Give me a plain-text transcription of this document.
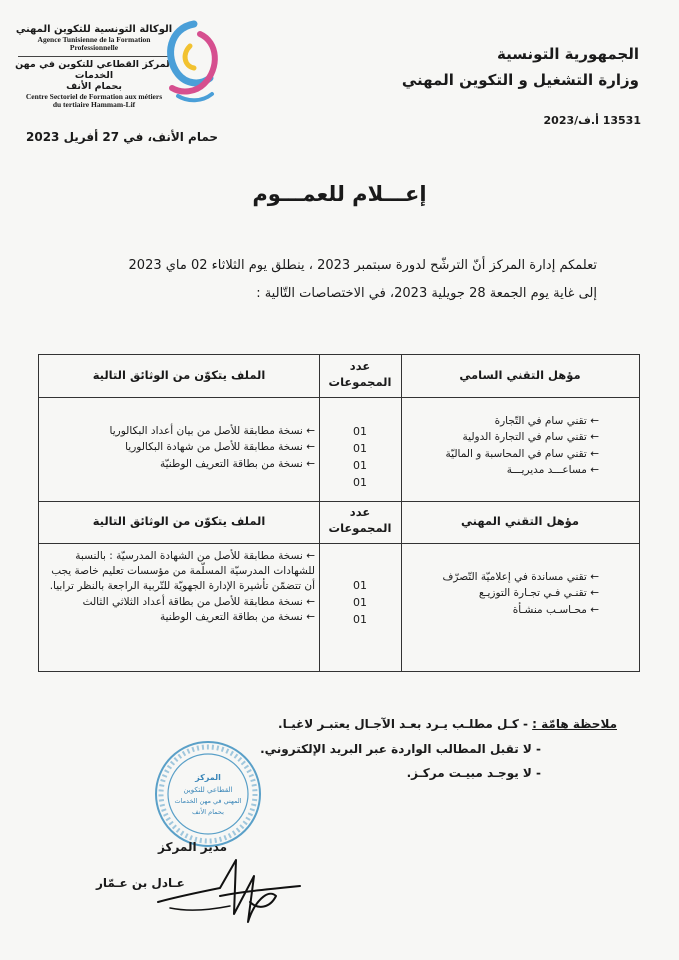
الوكالة التونسية للتكوين المهني
Agence Tunisienne de la Formation
Professionnelle
المركز القطاعي للتكوين في مهن الخدمات
بحمام الأنف
Centre Sectoriel de Formation aux métiers
du tertiaire Hammam-Lif
الجمهورية التونسية
وزارة التشغيل و التكوين المهني
13531 أ.ف/2023
حمام الأنف، في 27 أفريل 2023
إعـــلام للعمـــوم
تعلمكم إدارة المركز أنّ الترشّح لدورة سبتمبر 2023 ، ينطلق يوم الثلاثاء 02 ماي 2023
إلى غاية يوم الجمعة 28 جويلية 2023، في الاختصاصات التّالية :
مؤهل التقني السامي
عدد المجموعات
الملف يتكوّن من الوثائق التالية
← تقني سام في التّجارة
← تقني سام في التجارة الدولية
← تقني سام في المحاسبة و الماليّة
← مساعـــد مديريـــة
01
01
01
01
← نسخة مطابقة للأصل من بيان أعداد البكالوريا
← نسخة مطابقة للأصل من شهادة البكالوريا
← نسخة من بطاقة التعريف الوطنيّة
مؤهل التقني المهني
عدد المجموعات
الملف يتكوّن من الوثائق التالية
← تقني مساندة في إعلاميّة التّصرّف
← تقنـي فـي تجـارة التوزيـع
← محـاسـب منشـأة
01
01
01
← نسخة مطابقة للأصل من الشهادة المدرسيّة : بالنسبة للشهادات المدرسيّة المسلّمة من مؤسسات تعليم خاصة يجب أن تتضمّن تأشيرة الإدارة الجهويّة للتّربية الراجعة بالنظر ترابيا.
← نسخة مطابقة للأصل من بطاقة أعداد الثلاثي الثالث
← نسخة من بطاقة التعريف الوطنية
ملاحظة هامّة : - كـل مطلـب يـرد بعـد الآجـال يعتبـر لاغيـا.
- لا تقبل المطالب الواردة عبر البريد الإلكتروني.
- لا يوجـد مبيـت مركـز.
المركز
القطاعي للتكوين
المهني في مهن الخدمات
بحمام الأنف
مدير المركز
عـادل بن عـمّار
